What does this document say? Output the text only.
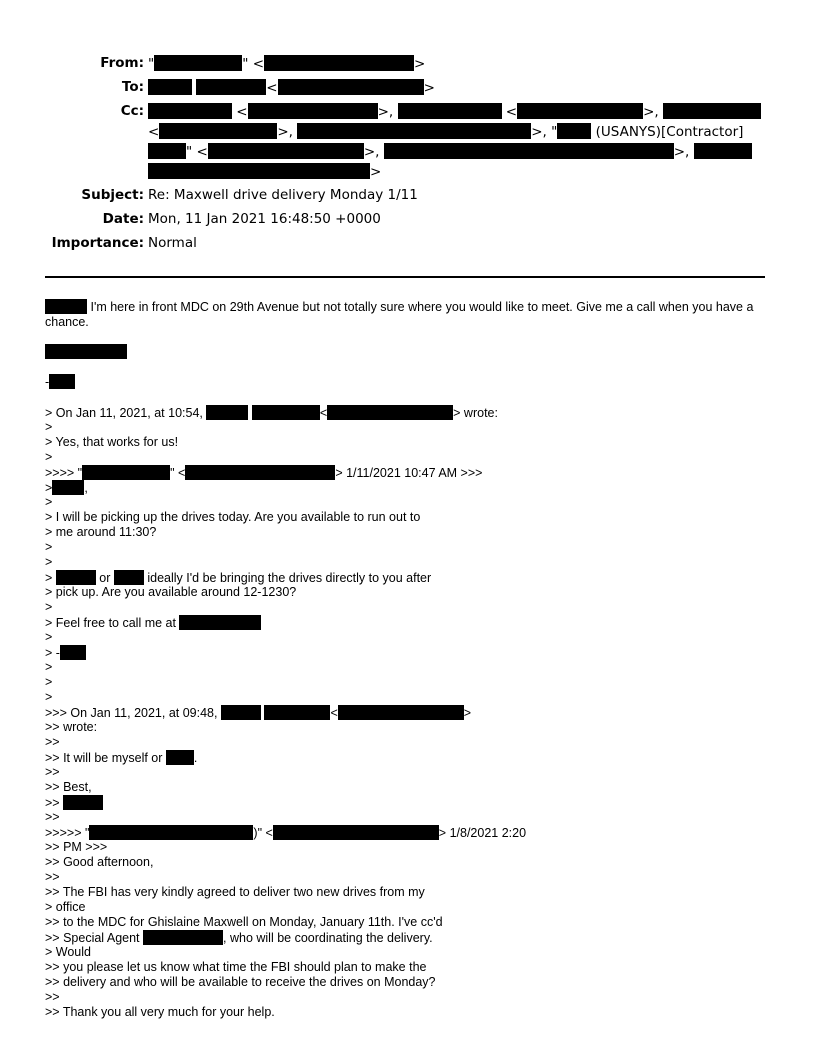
From: "	" <	>
To:	<	>
Cc:	<	>,	<	>,
<	>,	>, "	(USANYS)[Contractor]
" <	>,	>,
>
Subject: Re: Maxwell drive delivery Monday 1/11
Date: Mon, 11 Jan 2021 16:48:50 +0000
Importance: Normal
I'm here in front MDC on 29th Avenue but not totally sure where you would like to meet. Give me a call when you have a chance.
-
> On Jan 11, 2021, at 10:54,	<	> wrote:
>
> Yes, that works for us!
>
>>>> "	" <	> 1/11/2021 10:47 AM >>>
>	,
>
> I will be picking up the drives today. Are you available to run out to
> me around 11:30?
>
>
>	or	ideally I'd be bringing the drives directly to you after
> pick up. Are you available around 12-1230?
>
> Feel free to call me at
>
> -
>
>
>
>>> On Jan 11, 2021, at 09:48,	<	>
>> wrote:
>>
>> It will be myself or	.
>>
>> Best,
>>
>>
>>>>> "	)" <	> 1/8/2021 2:20
>> PM >>>
>> Good afternoon,
>>
>> The FBI has very kindly agreed to deliver two new drives from my
> office
>> to the MDC for Ghislaine Maxwell on Monday, January 11th. I've cc'd
>> Special Agent	, who will be coordinating the delivery.
> Would
>> you please let us know what time the FBI should plan to make the
>> delivery and who will be available to receive the drives on Monday?
>>
>> Thank you all very much for your help.
